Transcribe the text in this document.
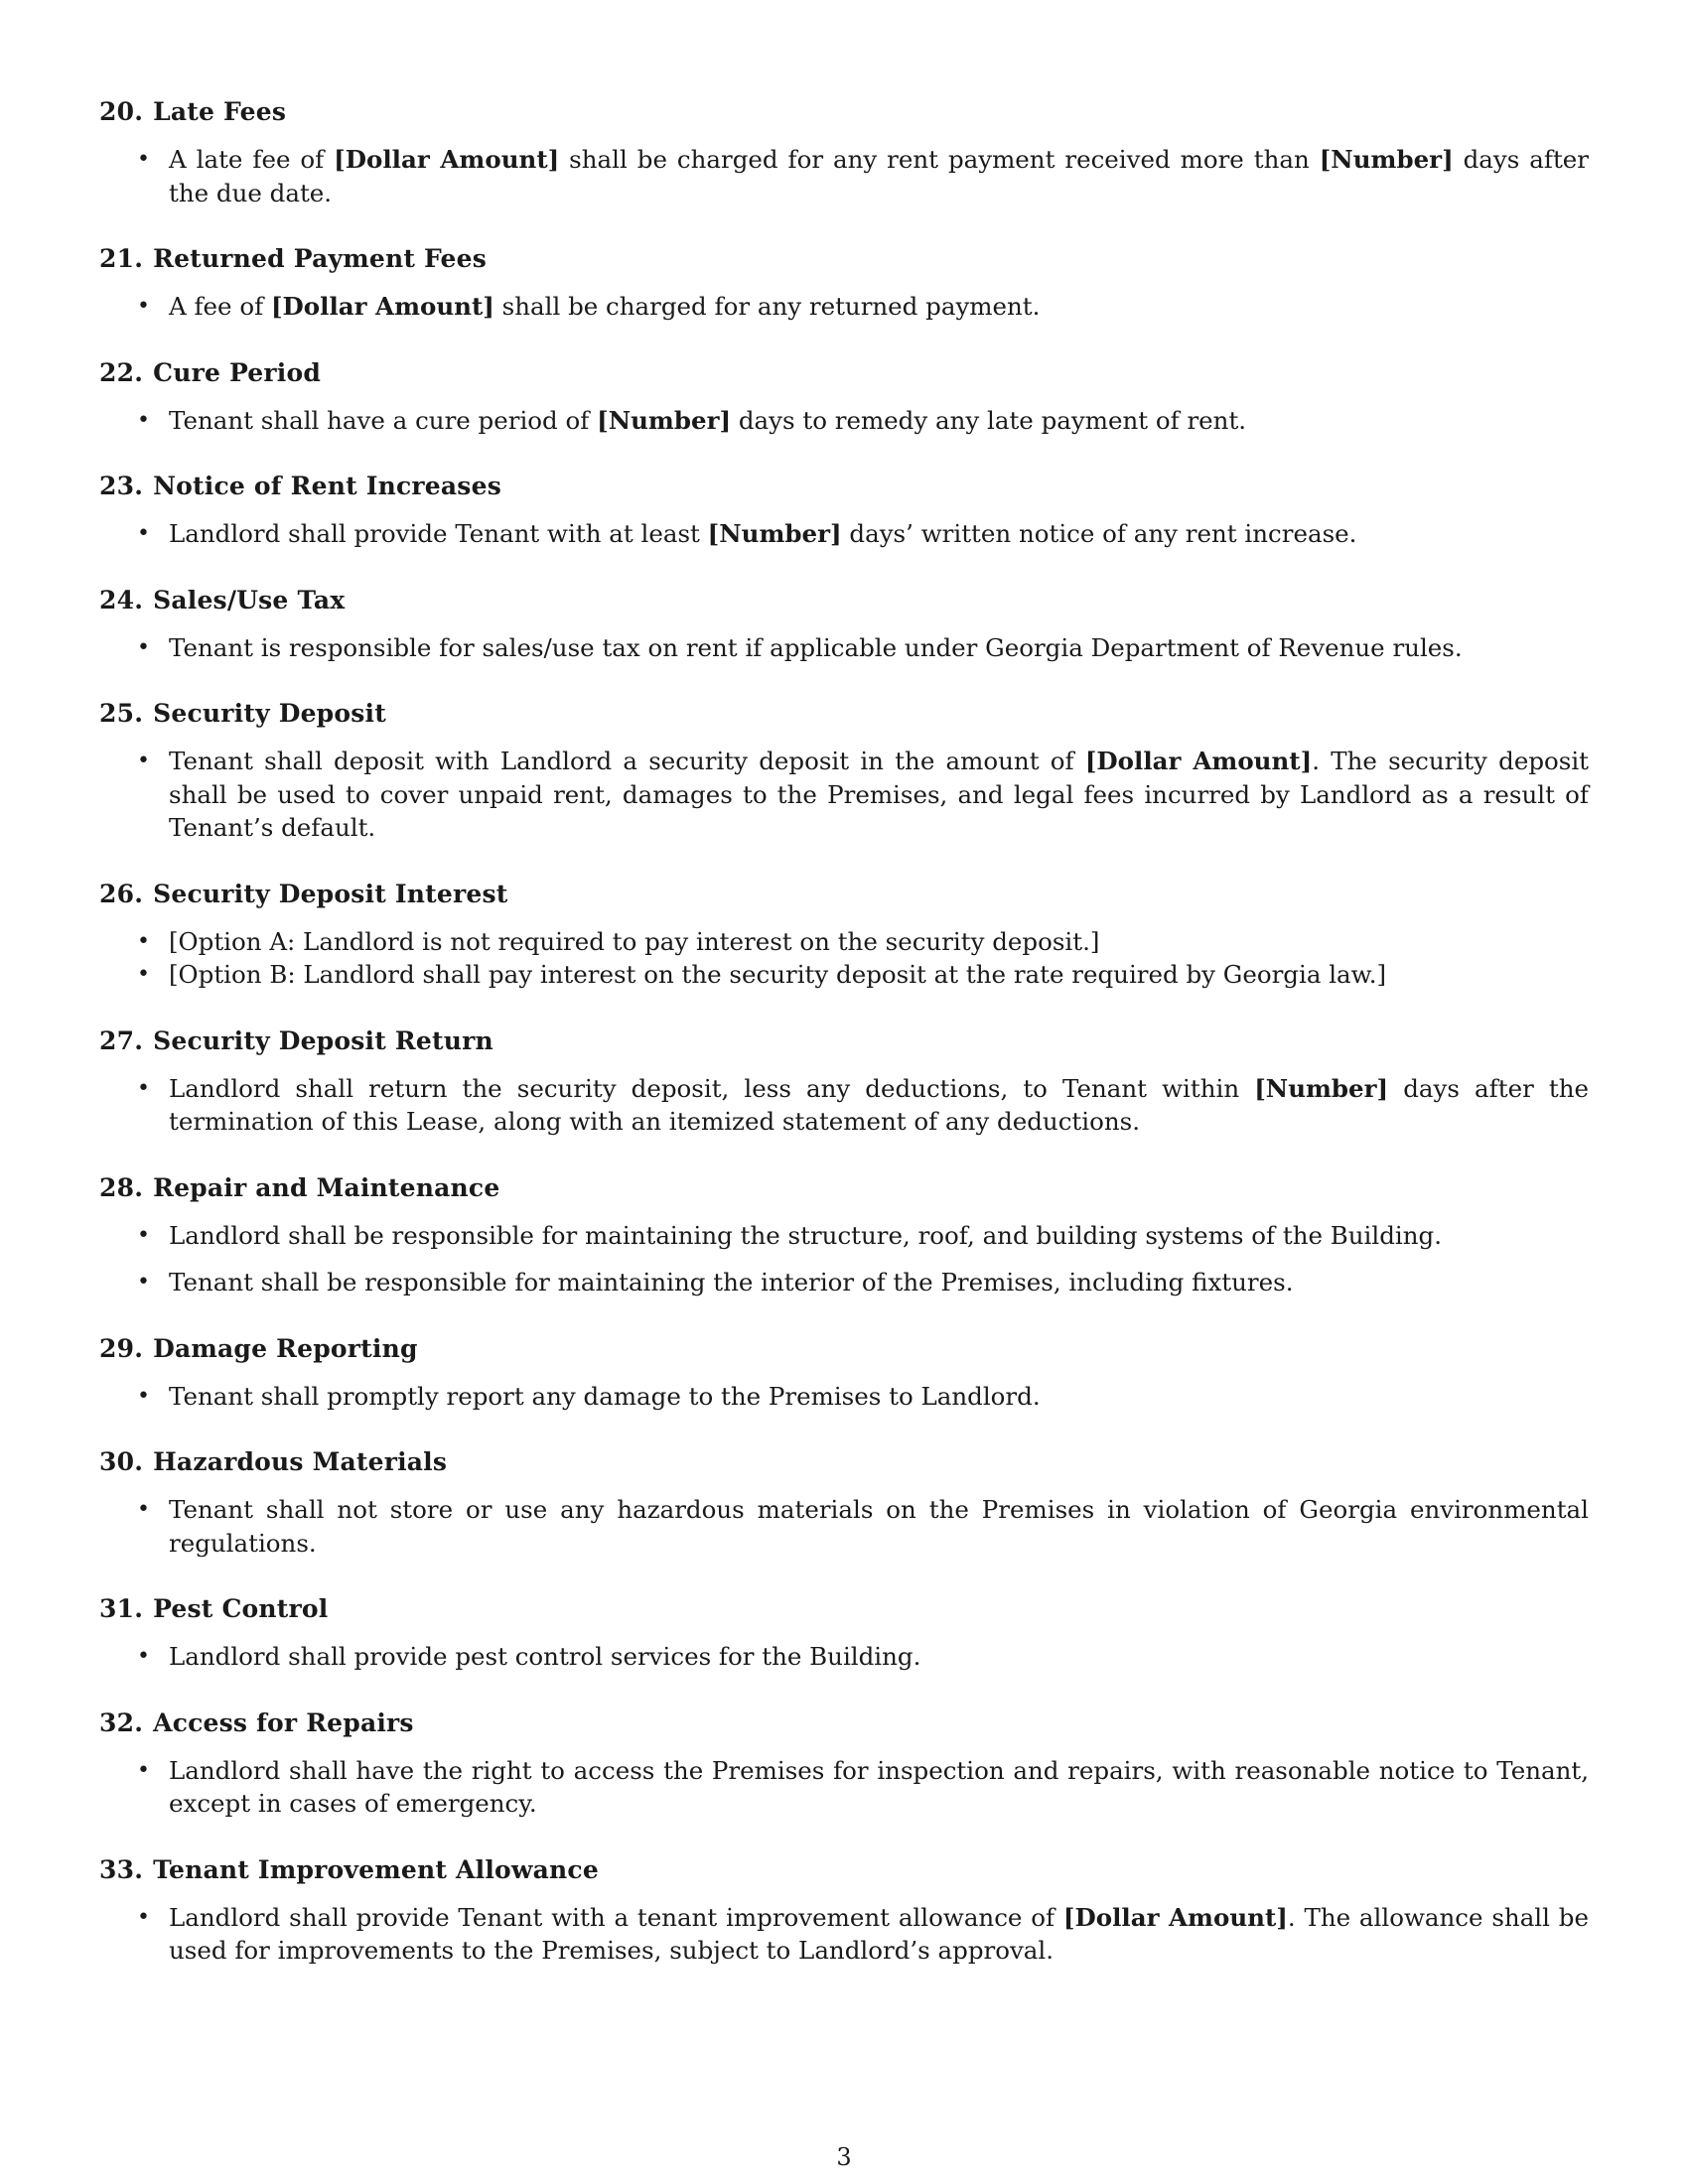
20. Late Fees
• A late fee of [Dollar Amount] shall be charged for any rent payment received more than [Number] days after the due date.
21. Returned Payment Fees
• A fee of [Dollar Amount] shall be charged for any returned payment.
22. Cure Period
• Tenant shall have a cure period of [Number] days to remedy any late payment of rent.
23. Notice of Rent Increases
• Landlord shall provide Tenant with at least [Number] days’ written notice of any rent increase.
24. Sales/Use Tax
• Tenant is responsible for sales/use tax on rent if applicable under Georgia Department of Revenue rules.
25. Security Deposit
• Tenant shall deposit with Landlord a security deposit in the amount of [Dollar Amount]. The security deposit shall be used to cover unpaid rent, damages to the Premises, and legal fees incurred by Landlord as a result of Tenant’s default.
26. Security Deposit Interest
• [Option A: Landlord is not required to pay interest on the security deposit.]
• [Option B: Landlord shall pay interest on the security deposit at the rate required by Georgia law.]
27. Security Deposit Return
• Landlord shall return the security deposit, less any deductions, to Tenant within [Number] days after the termination of this Lease, along with an itemized statement of any deductions.
28. Repair and Maintenance
• Landlord shall be responsible for maintaining the structure, roof, and building systems of the Building.
• Tenant shall be responsible for maintaining the interior of the Premises, including fixtures.
29. Damage Reporting
• Tenant shall promptly report any damage to the Premises to Landlord.
30. Hazardous Materials
• Tenant shall not store or use any hazardous materials on the Premises in violation of Georgia environmental regulations.
31. Pest Control
• Landlord shall provide pest control services for the Building.
32. Access for Repairs
• Landlord shall have the right to access the Premises for inspection and repairs, with reasonable notice to Tenant, except in cases of emergency.
33. Tenant Improvement Allowance
• Landlord shall provide Tenant with a tenant improvement allowance of [Dollar Amount]. The allowance shall be used for improvements to the Premises, subject to Landlord’s approval.
3
